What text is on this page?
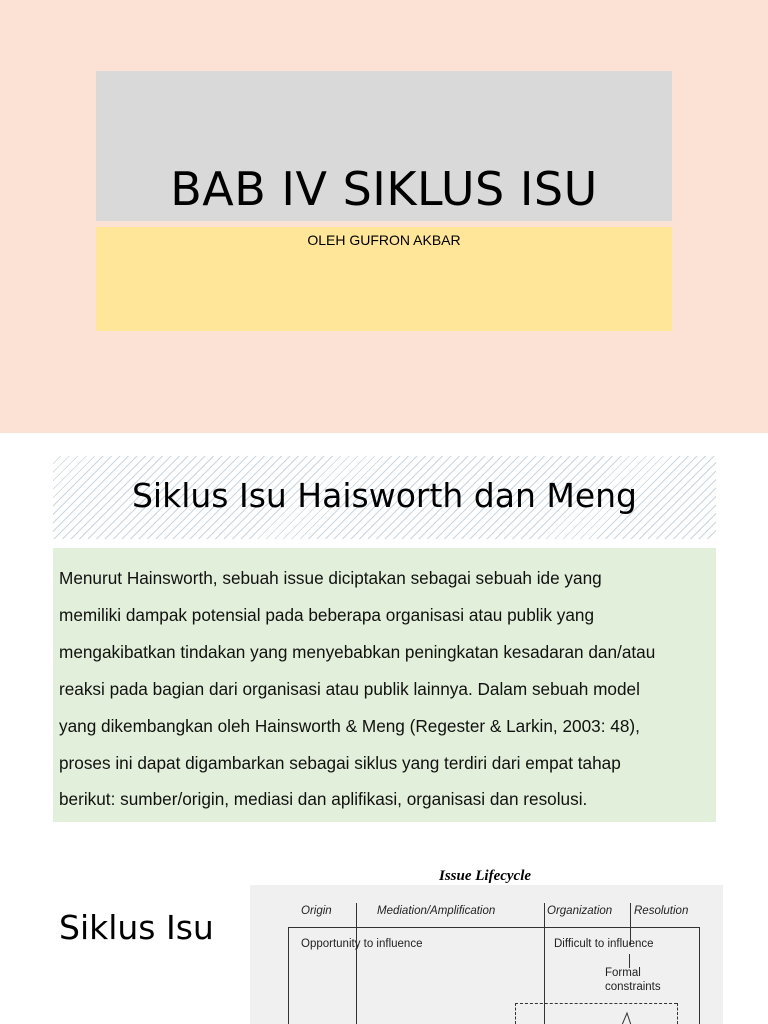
BAB IV SIKLUS ISU
OLEH GUFRON AKBAR
Siklus Isu Haisworth dan Meng
Menurut Hainsworth, sebuah issue diciptakan sebagai sebuah ide yang
memiliki dampak potensial pada beberapa organisasi atau publik yang
mengakibatkan tindakan yang menyebabkan peningkatan kesadaran dan/atau
reaksi pada bagian dari organisasi atau publik lainnya. Dalam sebuah model
yang dikembangkan oleh Hainsworth & Meng (Regester & Larkin, 2003: 48),
proses ini dapat digambarkan sebagai siklus yang terdiri dari empat tahap
berikut: sumber/origin, mediasi dan aplifikasi, organisasi dan resolusi.
Siklus Isu
Issue Lifecycle
Origin	Mediation/Amplification	Organization Resolution
Opportunity to influence	Difficult to influence
Formal
constraints
